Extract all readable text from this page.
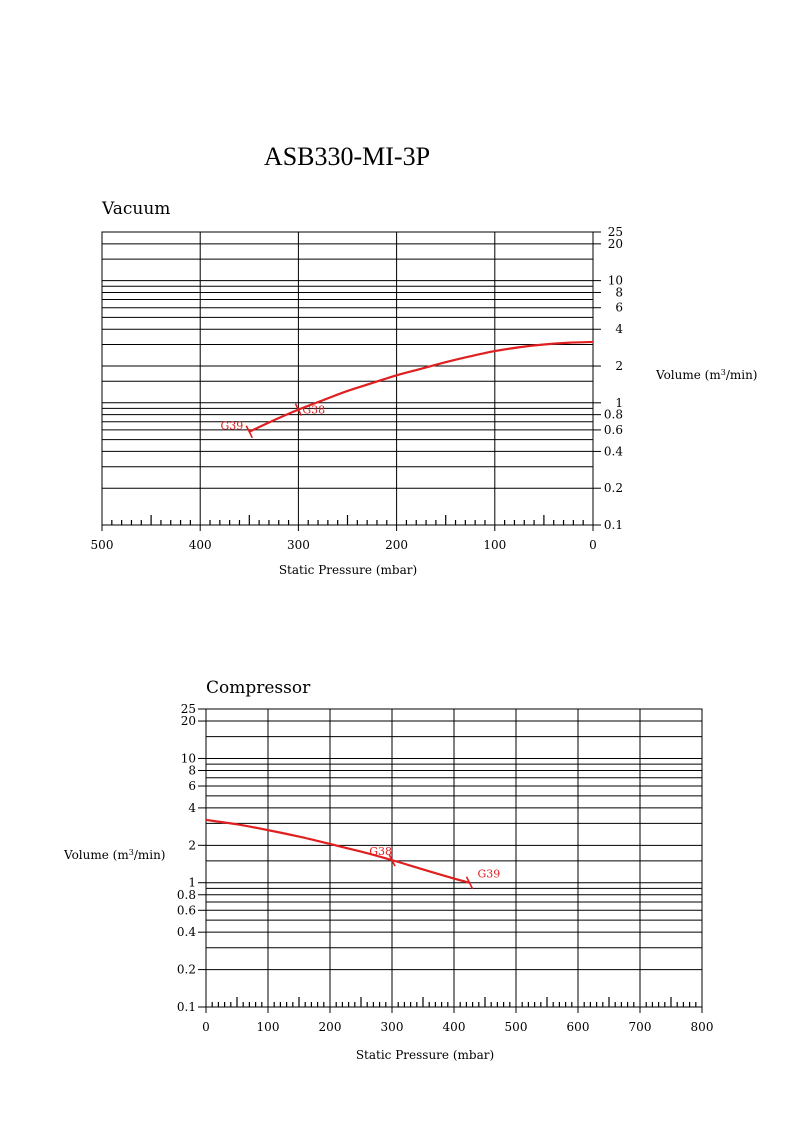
ASB330-MI-3P
500	400	300	200	100	0
25
20
10
8
6
4
2
1
0.8
0.6
0.4
0.2
0.1
Vacuum
Static Pressure (mbar)
Volume $(m^3/\min)$
G38
G39
0	100	200	300	400	500	600	700	800
25
20
10
8
6
4
2
1
0.8
0.6
0.4
0.2
0.1
Compressor
Static Pressure (mbar)
Volume $(m^3/\min)$	G38
G39
